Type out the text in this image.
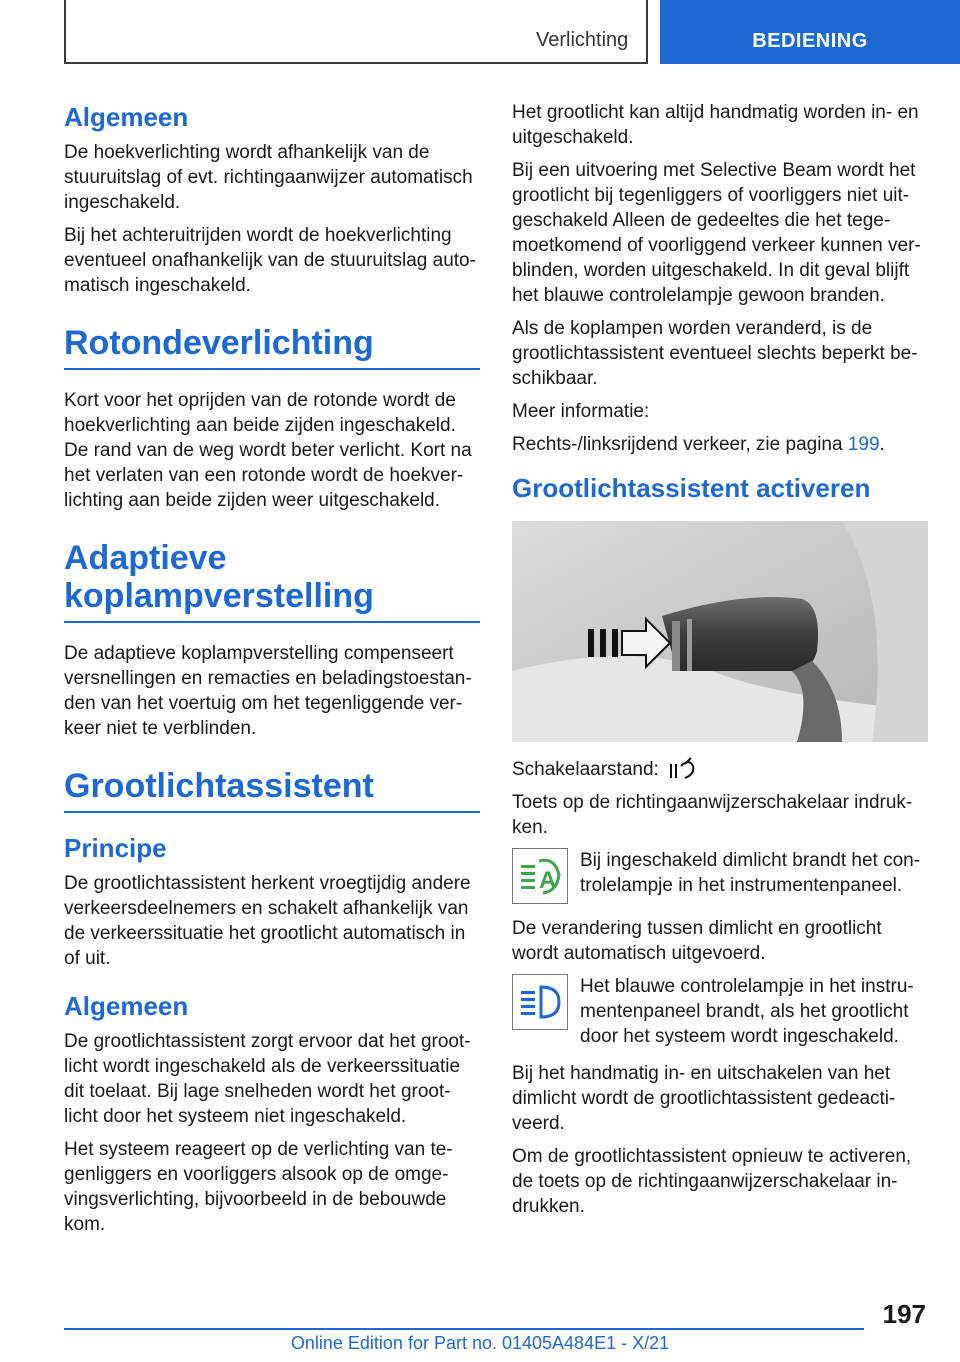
Verlichting	BEDIENING
Algemeen

De hoekverlichting wordt afhankelijk van de stuuruitslag of evt. richtingaanwijzer automatisch ingeschakeld.

Bij het achteruitrijden wordt de hoekverlichting eventueel onafhankelijk van de stuuruitslag auto‐matisch ingeschakeld.

Rotondeverlichting

Kort voor het oprijden van de rotonde wordt de hoekverlichting aan beide zijden ingeschakeld. De rand van de weg wordt beter verlicht. Kort na het verlaten van een rotonde wordt de hoekver‐lichting aan beide zijden weer uitgeschakeld.

Adaptieve koplampverstelling

De adaptieve koplampverstelling compenseert versnellingen en remacties en beladingstoestan‐den van het voertuig om het tegenliggende ver‐keer niet te verblinden.

Grootlichtassistent
Principe

De grootlichtassistent herkent vroegtijdig andere verkeersdeelnemers en schakelt afhankelijk van de verkeerssituatie het grootlicht automatisch in of uit.

Algemeen

De grootlichtassistent zorgt ervoor dat het groot‐licht wordt ingeschakeld als de verkeerssituatie dit toelaat. Bij lage snelheden wordt het groot‐licht door het systeem niet ingeschakeld.

Het systeem reageert op de verlichting van te‐genliggers en voorliggers alsook op de omge‐vingsverlichting, bijvoorbeeld in de bebouwde kom.

Het grootlicht kan altijd handmatig worden in- en uitgeschakeld.

Bij een uitvoering met Selective Beam wordt het grootlicht bij tegenliggers of voorliggers niet uit‐geschakeld Alleen de gedeeltes die het tege‐moetkomend of voorliggend verkeer kunnen ver‐blinden, worden uitgeschakeld. In dit geval blijft het blauwe controlelampje gewoon branden.

Als de koplampen worden veranderd, is de grootlichtassistent eventueel slechts beperkt be‐schikbaar.

Meer informatie:

Rechts-/linksrijdend verkeer, zie pagina 199.

Grootlichtassistent activeren

Schakelaarstand:

Toets op de richtingaanwijzerschakelaar indruk‐ken.

A

Bij ingeschakeld dimlicht brandt het con‐trolelampje in het instrumentenpaneel.

De verandering tussen dimlicht en grootlicht wordt automatisch uitgevoerd.

Het blauwe controlelampje in het instru‐mentenpaneel brandt, als het grootlicht door het systeem wordt ingeschakeld.

Bij het handmatig in- en uitschakelen van het dimlicht wordt de grootlichtassistent gedeacti‐veerd.

Om de grootlichtassistent opnieuw te activeren, de toets op de richtingaanwijzerschakelaar in‐drukken.

197
Online Edition for Part no. 01405A484E1 - X/21
